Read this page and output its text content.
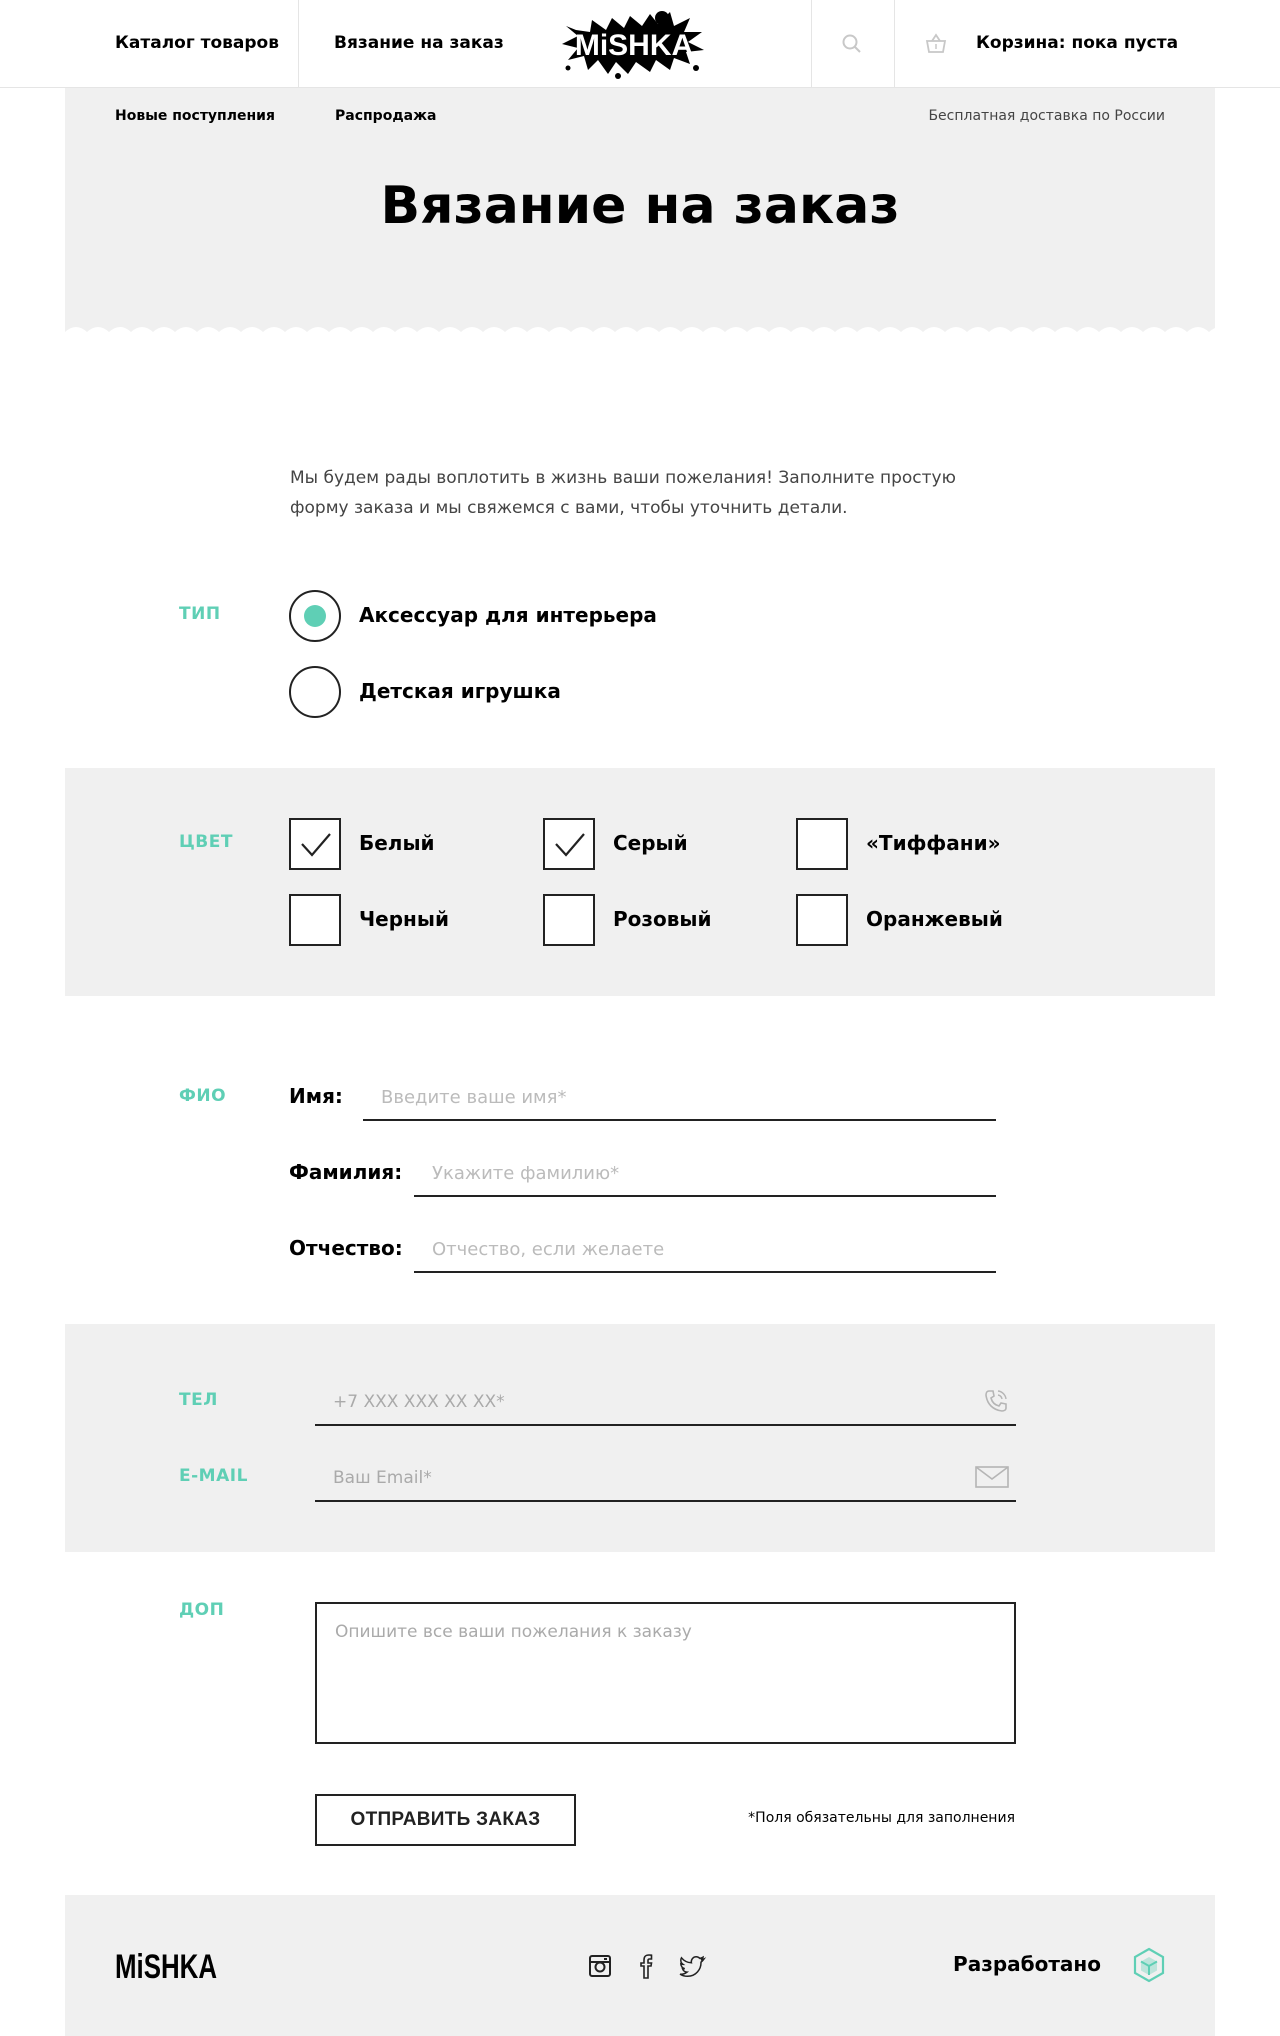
Каталог товаров	Вязание на заказ MiSHKA	Корзина: пока пуста
Новые поступления	Распродажа	Бесплатная доставка по России
Вязание на заказ

Мы будем рады воплотить в жизнь ваши пожелания! Заполните простую форму заказа и мы свяжемся с вами, чтобы уточнить детали.

ТИП	Аксессуар для интерьера
Детская игрушка
ЦВЕТ	Белый	Серый	«Тиффани»
Черный	Розовый	Оранжевый
ФИО	Имя:
Введите ваше имя*
Фамилия:
Укажите фамилию*
Отчество:
Отчество, если желаете
ТЕЛ
+7 XXX XXX XX XX*
E-MAIL
Ваш Email*
ДОП
Опишите все ваши пожелания к заказу
ОТПРАВИТЬ ЗАКАЗ	*Поля обязательны для заполнения
MiSHKA	Разработано
